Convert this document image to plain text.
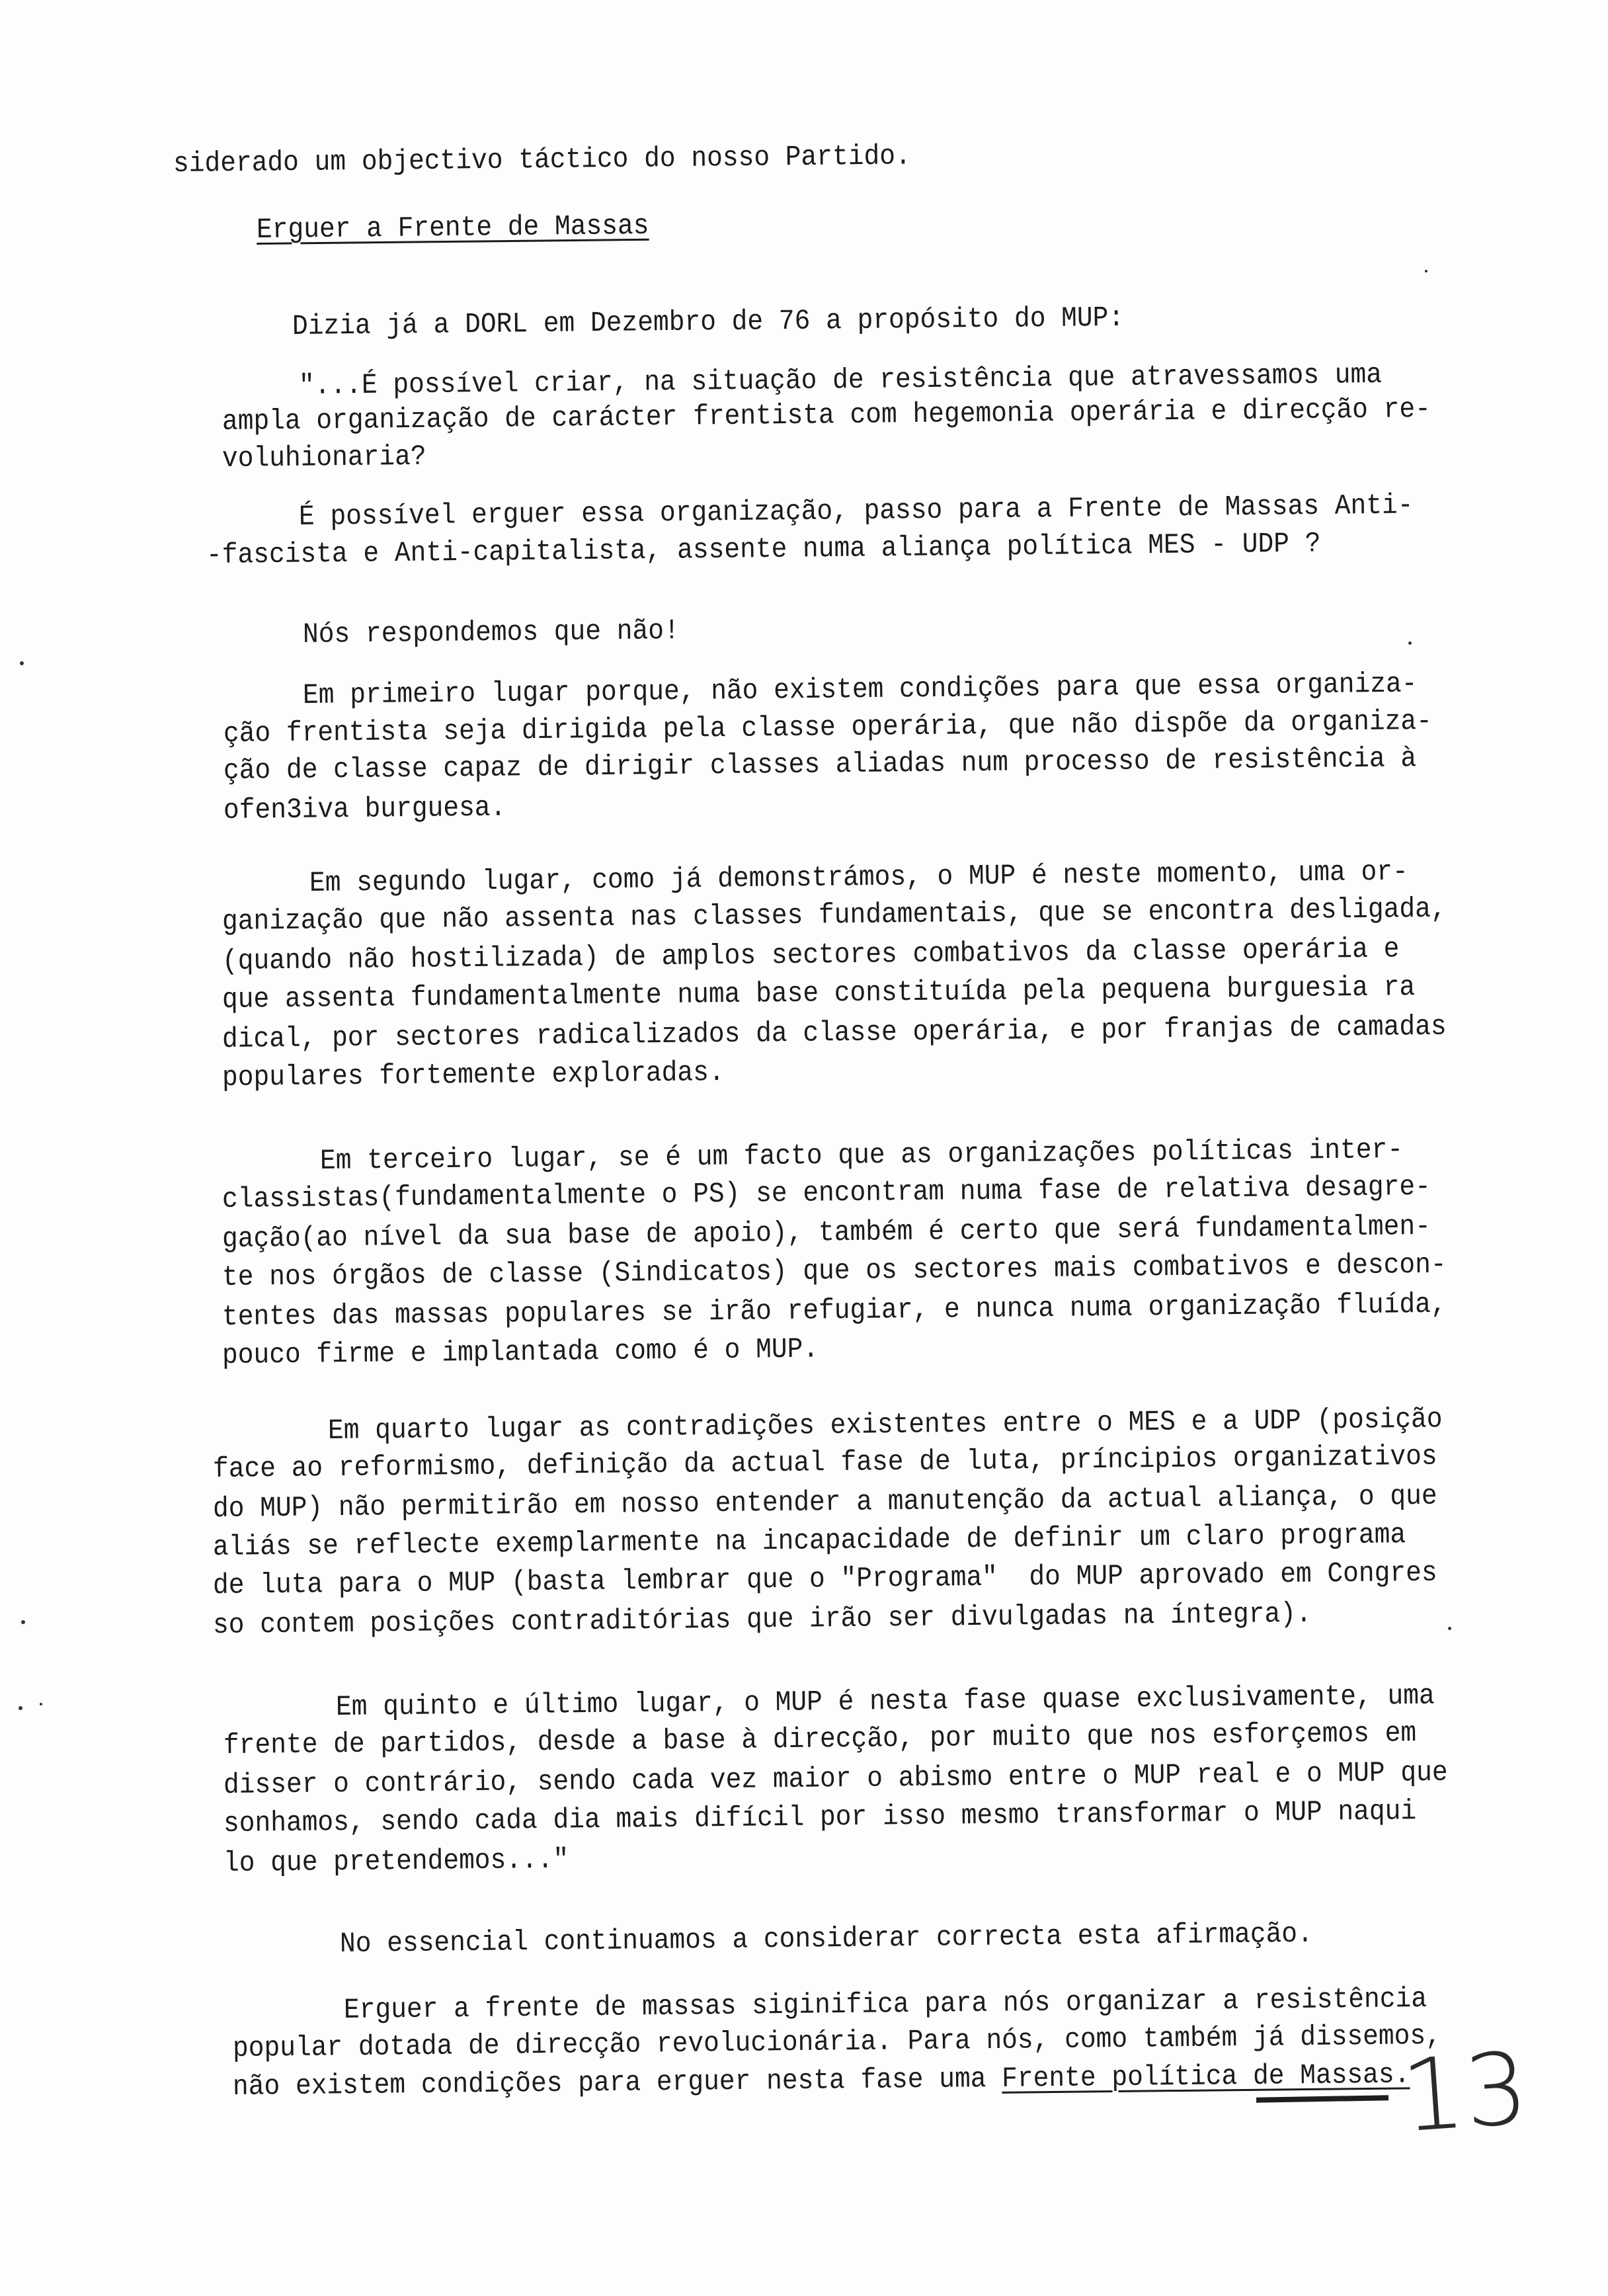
siderado um objectivo táctico do nosso Partido.
Erguer a Frente de Massas
Dizia já a DORL em Dezembro de 76 a propósito do MUP:
"...É possível criar, na situação de resistência que atravessamos uma
ampla organização de carácter frentista com hegemonia operária e direcção re-
voluhionaria?
É possível erguer essa organização, passo para a Frente de Massas Anti-
-fascista e Anti-capitalista, assente numa aliança política MES - UDP ?
Nós respondemos que não!
Em primeiro lugar porque, não existem condições para que essa organiza-
ção frentista seja dirigida pela classe operária, que não dispõe da organiza-
ção de classe capaz de dirigir classes aliadas num processo de resistência à
ofen3iva burguesa.
Em segundo lugar, como já demonstrámos, o MUP é neste momento, uma or-
ganização que não assenta nas classes fundamentais, que se encontra desligada,
(quando não hostilizada) de amplos sectores combativos da classe operária e
que assenta fundamentalmente numa base constituída pela pequena burguesia ra
dical, por sectores radicalizados da classe operária, e por franjas de camadas
populares fortemente exploradas.
Em terceiro lugar, se é um facto que as organizações políticas inter-
classistas(fundamentalmente o PS) se encontram numa fase de relativa desagre-
gação(ao nível da sua base de apoio), também é certo que será fundamentalmen-
te nos órgãos de classe (Sindicatos) que os sectores mais combativos e descon-
tentes das massas populares se irão refugiar, e nunca numa organização fluída,
pouco firme e implantada como é o MUP.
Em quarto lugar as contradições existentes entre o MES e a UDP (posição
face ao reformismo, definição da actual fase de luta, príncipios organizativos
do MUP) não permitirão em nosso entender a manutenção da actual aliança, o que
aliás se reflecte exemplarmente na incapacidade de definir um claro programa
de luta para o MUP (basta lembrar que o "Programa"  do MUP aprovado em Congres
so contem posições contraditórias que irão ser divulgadas na íntegra).
Em quinto e último lugar, o MUP é nesta fase quase exclusivamente, uma
frente de partidos, desde a base à direcção, por muito que nos esforçemos em
disser o contrário, sendo cada vez maior o abismo entre o MUP real e o MUP que
sonhamos, sendo cada dia mais difícil por isso mesmo transformar o MUP naqui
lo que pretendemos..."
No essencial continuamos a considerar correcta esta afirmação.
Erguer a frente de massas siginifica para nós organizar a resistência
popular dotada de direcção revolucionária. Para nós, como também já dissemos,
não existem condições para erguer nesta fase uma Frente política de Massas.
13
